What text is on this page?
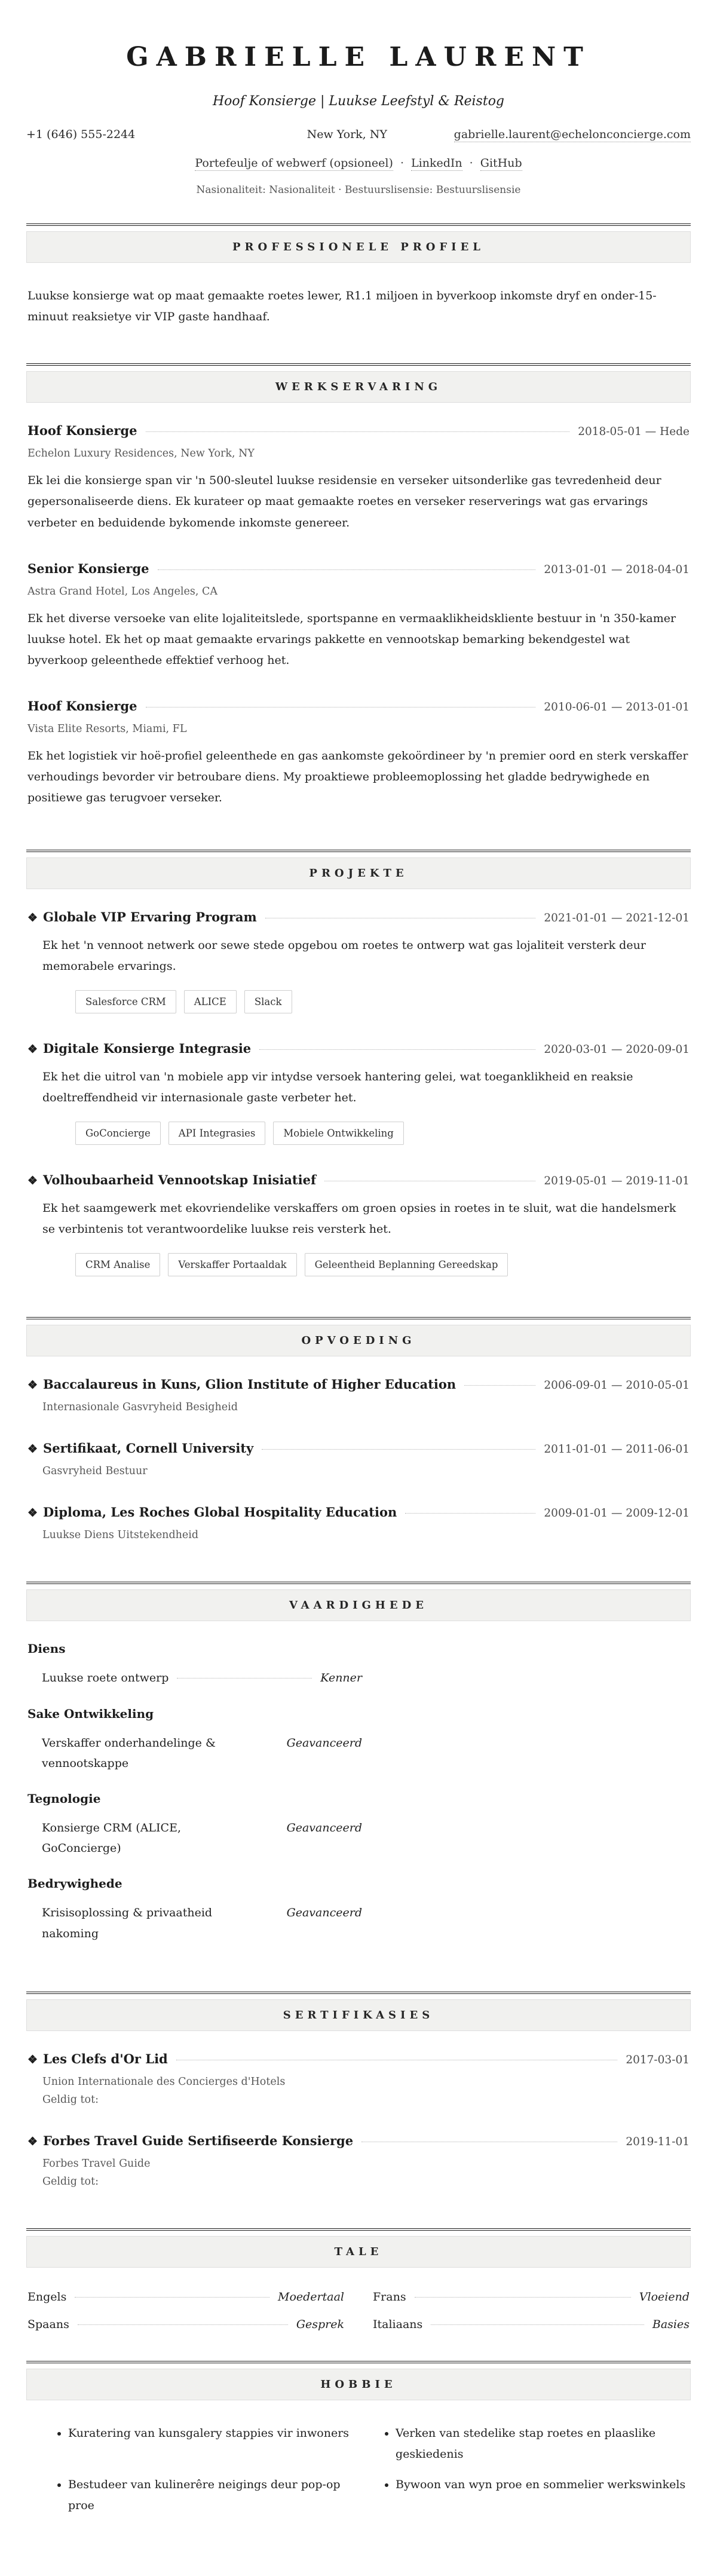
GABRIELLE LAURENT
Hoof Konsierge | Luukse Leefstyl & Reistog
+1 (646) 555-2244	New York, NY	gabrielle.laurent@echelonconcierge.com
Portefeulje of webwerf (opsioneel) · LinkedIn · GitHub
Nasionaliteit: Nasionaliteit · Bestuurslisensie: Bestuurslisensie
PROFESSIONELE PROFIEL

Luukse konsierge wat op maat gemaakte roetes lewer, R1.1 miljoen in byverkoop inkomste dryf en onder-15-minuut reaksietye vir VIP gaste handhaaf.

WERKSERVARING
Hoof Konsierge	2018-05-01 — Hede
Echelon Luxury Residences, New York, NY
Ek lei die konsierge span vir 'n 500-sleutel luukse residensie en verseker uitsonderlike gas tevredenheid deur gepersonaliseerde diens. Ek kurateer op maat gemaakte roetes en verseker reserverings wat gas ervarings verbeter en beduidende bykomende inkomste genereer.
Senior Konsierge	2013-01-01 — 2018-04-01
Astra Grand Hotel, Los Angeles, CA
Ek het diverse versoeke van elite lojaliteitslede, sportspanne en vermaaklikheidskliente bestuur in 'n 350-kamer luukse hotel. Ek het op maat gemaakte ervarings pakkette en vennootskap bemarking bekendgestel wat byverkoop geleenthede effektief verhoog het.
Hoof Konsierge	2010-06-01 — 2013-01-01
Vista Elite Resorts, Miami, FL
Ek het logistiek vir hoë-profiel geleenthede en gas aankomste gekoördineer by 'n premier oord en sterk verskaffer verhoudings bevorder vir betroubare diens. My proaktiewe probleemoplossing het gladde bedrywighede en positiewe gas terugvoer verseker.
PROJEKTE
❖ Globale VIP Ervaring Program	2021-01-01 — 2021-12-01
Ek het 'n vennoot netwerk oor sewe stede opgebou om roetes te ontwerp wat gas lojaliteit versterk deur memorabele ervarings.
Salesforce CRM	ALICE	Slack
❖ Digitale Konsierge Integrasie	2020-03-01 — 2020-09-01
Ek het die uitrol van 'n mobiele app vir intydse versoek hantering gelei, wat toeganklikheid en reaksie doeltreffendheid vir internasionale gaste verbeter het.
GoConcierge	API Integrasies	Mobiele Ontwikkeling
❖ Volhoubaarheid Vennootskap Inisiatief	2019-05-01 — 2019-11-01
Ek het saamgewerk met ekovriendelike verskaffers om groen opsies in roetes in te sluit, wat die handelsmerk se verbintenis tot verantwoordelike luukse reis versterk het.
CRM Analise	Verskaffer Portaaldak	Geleentheid Beplanning Gereedskap
OPVOEDING
❖ Baccalaureus in Kuns, Glion Institute of Higher Education	2006-09-01 — 2010-05-01
Internasionale Gasvryheid Besigheid
❖ Sertifikaat, Cornell University	2011-01-01 — 2011-06-01
Gasvryheid Bestuur
❖ Diploma, Les Roches Global Hospitality Education	2009-01-01 — 2009-12-01
Luukse Diens Uitstekendheid
VAARDIGHEDE
Diens
Luukse roete ontwerp	Kenner
Sake Ontwikkeling
Verskaffer onderhandelinge & vennootskappe
Geavanceerd
Tegnologie
Konsierge CRM (ALICE, GoConcierge)
Geavanceerd
Bedrywighede
Krisisoplossing & privaatheid nakoming
Geavanceerd
SERTIFIKASIES
❖ Les Clefs d'Or Lid	2017-03-01
Union Internationale des Concierges d'Hotels
Geldig tot:
❖ Forbes Travel Guide Sertifiseerde Konsierge	2019-11-01
Forbes Travel Guide
Geldig tot:
TALE
Engels	Moedertaal	Frans	Vloeiend
Spaans	Gesprek	Italiaans	Basies
HOBBIE
• Kuratering van kunsgalery stappies vir inwoners	• Verken van stedelike stap roetes en plaaslike geskiedenis
• Bestudeer van kulinerêre neigings deur pop-op proe
• Bywoon van wyn proe en sommelier werkswinkels
